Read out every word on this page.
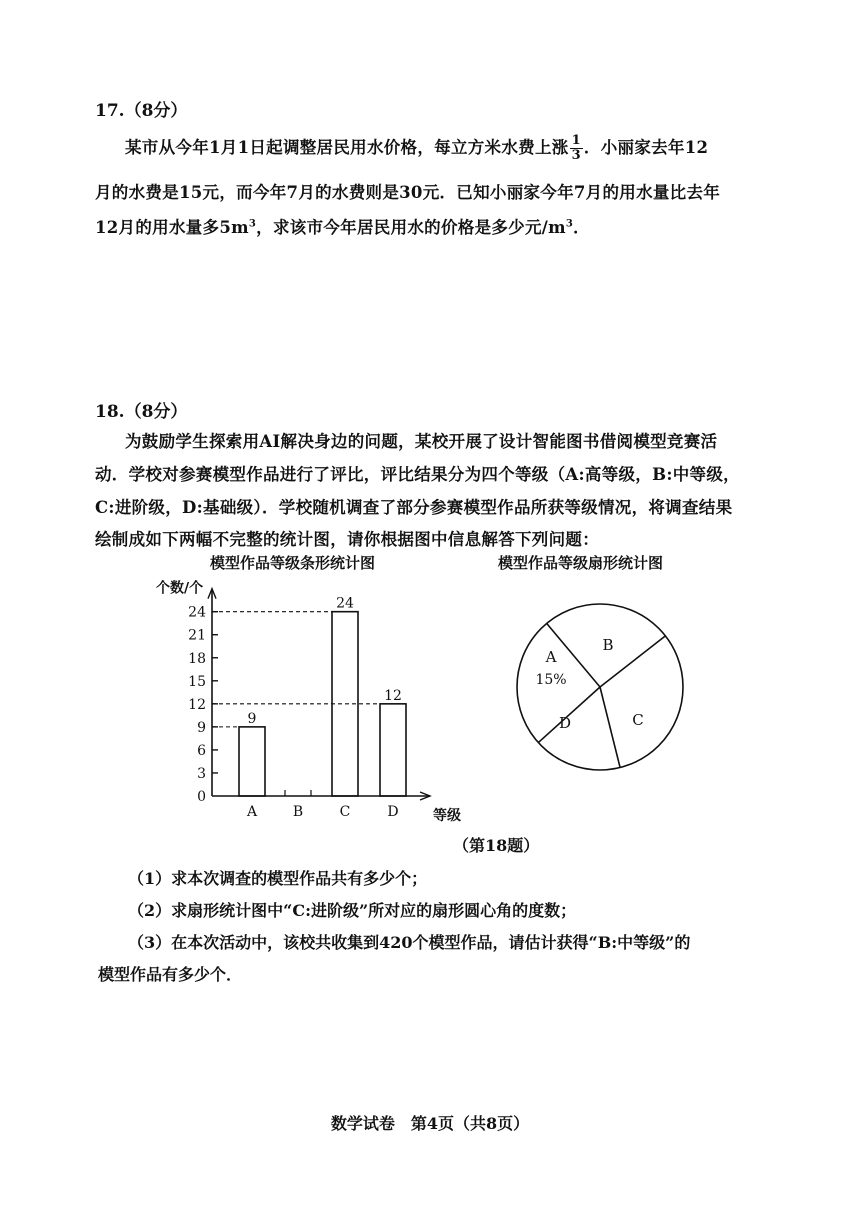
17.（8分）
某市从今年1月1日起调整居民用水价格，每立方米水费上涨 $\frac{1}{3}$ ．小丽家去年12
月的水费是15元，而今年7月的水费则是30元．已知小丽家今年7月的用水量比去年
12月的用水量多$5m^3$，求该市今年居民用水的价格是多少元$/m^3$．
18.（8分）
为鼓励学生探索用AI解决身边的问题，某校开展了设计智能图书借阅模型竞赛活
动．学校对参赛模型作品进行了评比，评比结果分为四个等级（A:高等级，B:中等级，
C:进阶级，D:基础级）．学校随机调查了部分参赛模型作品所获等级情况，将调查结果
绘制成如下两幅不完整的统计图，请你根据图中信息解答下列问题：
模型作品等级条形统计图
0
3
6
9
12
15
18
21
24
个数/个
等级
9
A	B
24
C
12
D
模型作品等级扇形统计图
A
15%
B
C
D
（第18题）
（1）求本次调查的模型作品共有多少个；
（2）求扇形统计图中“C:进阶级”所对应的扇形圆心角的度数；
（3）在本次活动中，该校共收集到420个模型作品，请估计获得“B:中等级”的
模型作品有多少个．
数学试卷　第4页（共8页）
